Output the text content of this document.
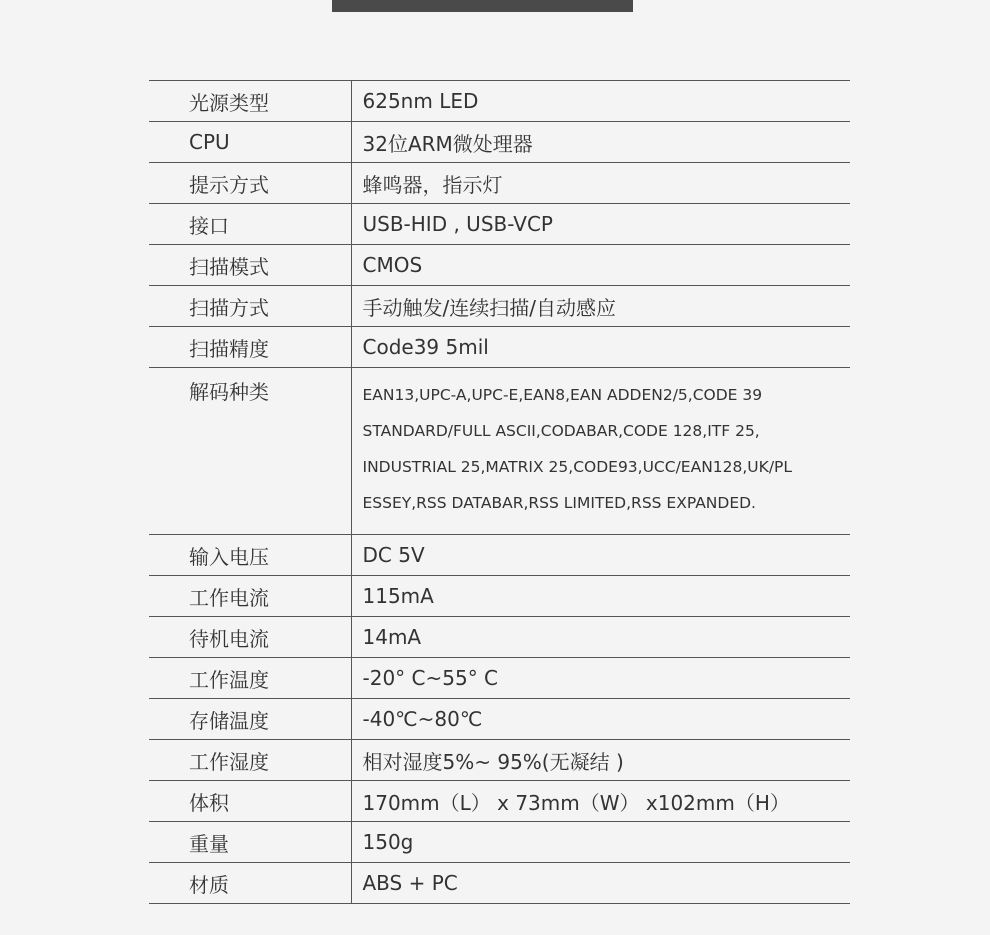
光源类型	625nm LED
CPU	32位ARM微处理器
提示方式	蜂鸣器，指示灯
接口	USB-HID , USB-VCP
扫描模式	CMOS
扫描方式	手动触发/连续扫描/自动感应
扫描精度	Code39 5mil
解码种类	EAN13,UPC-A,UPC-E,EAN8,EAN ADDEN2/5,CODE 39
STANDARD/FULL ASCII,CODABAR,CODE 128,ITF 25,
INDUSTRIAL 25,MATRIX 25,CODE93,UCC/EAN128,UK/PL
ESSEY,RSS DATABAR,RSS LIMITED,RSS EXPANDED.

输入电压	DC 5V
工作电流	115mA
待机电流	14mA
工作温度	-20° C~55° C
存储温度	-40℃~80℃
工作湿度	相对湿度5%~ 95%(无凝结 )
体积	170mm（L） x 73mm（W） x102mm（H）
重量	150g
材质	ABS + PC
